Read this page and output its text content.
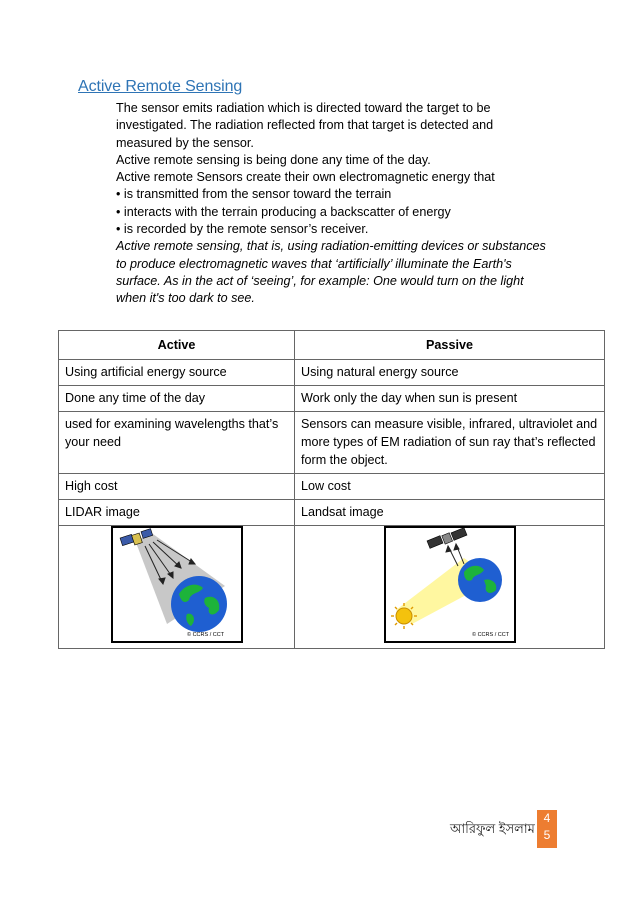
Active Remote Sensing
The sensor emits radiation which is directed toward the target to be
investigated. The radiation reflected from that target is detected and
measured by the sensor.
Active remote sensing is being done any time of the day.
Active remote Sensors create their own electromagnetic energy that
• is transmitted from the sensor toward the terrain
• interacts with the terrain producing a backscatter of energy
• is recorded by the remote sensor’s receiver.
Active remote sensing, that is, using radiation-emitting devices or substances
to produce electromagnetic waves that ‘artificially’ illuminate the Earth's
surface. As in the act of ‘seeing’, for example: One would turn on the light
when it's too dark to see.
Active	Passive
Using artificial energy source	Using natural energy source
Done any time of the day	Work only the day when sun is present
used for examining wavelengths that’s your need	Sensors can measure visible, infrared, ultraviolet and more types of EM radiation of sun ray that’s reflected form the object.
High cost	Low cost
LIDAR image	Landsat image

© CCRS / CCT	© CCRS / CCT
আরিফুল ইসলাম
4
5
